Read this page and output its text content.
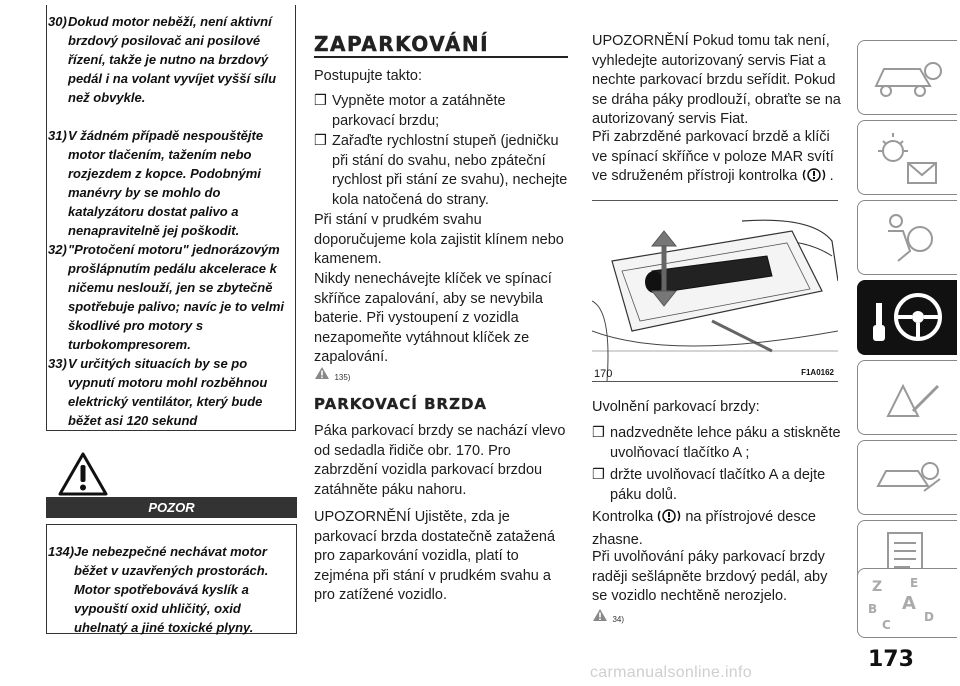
30) Dokud motor neběží, není aktivní brzdový posilovač ani posilové řízení, takže je nutno na brzdový pedál i na volant vyvíjet vyšší sílu než obvykle.
31) V žádném případě nespouštějte motor tlačením, tažením nebo rozjezdem z kopce. Podobnými manévry by se mohlo do katalyzátoru dostat palivo a nenapravitelně jej poškodit.
32) "Protočení motoru" jednorázovým prošlápnutím pedálu akcelerace k ničemu neslouží, jen se zbytečně spotřebuje palivo; navíc je to velmi škodlivé pro motory s turbokompresorem.
33) V určitých situacích by se po vypnutí motoru mohl rozběhnou elektrický ventilátor, který bude běžet asi 120 sekund
POZOR
134) Je nebezpečné nechávat motor běžet v uzavřených prostorách. Motor spotřebovává kyslík a vypouští oxid uhličitý, oxid uhelnatý a jiné toxické plyny.
ZAPARKOVÁNÍ
Postupujte takto:
❒ Vypněte motor a zatáhněte parkovací brzdu;
❒ Zařaďte rychlostní stupeň (jedničku při stání do svahu, nebo zpáteční rychlost při stání ze svahu), nechejte kola natočená do strany.
Při stání v prudkém svahu doporučujeme kola zajistit klínem nebo kamenem.
Nikdy nenechávejte klíček ve spínací skříňce zapalování, aby se nevybila baterie. Při vystoupení z vozidla nezapomeňte vytáhnout klíček ze zapalování.
135)
PARKOVACÍ BRZDA
Páka parkovací brzdy se nachází vlevo od sedadla řidiče obr. 170. Pro zabrzdění vozidla parkovací brzdou zatáhněte páku nahoru.
UPOZORNĚNÍ Ujistěte, zda je parkovací brzda dostatečně zatažená pro zaparkování vozidla, platí to zejména při stání v prudkém svahu a pro zatížené vozidlo.
UPOZORNĚNÍ Pokud tomu tak není, vyhledejte autorizovaný servis Fiat a nechte parkovací brzdu seřídit. Pokud se dráha páky prodlouží, obraťte se na autorizovaný servis Fiat.
Při zabrzděné parkovací brzdě a klíči ve spínací skříňce v poloze MAR svítí ve sdruženém přístroji kontrolka .
170	F1A0162
Uvolnění parkovací brzdy:
❒ nadzvedněte lehce páku a stiskněte uvolňovací tlačítko A ;
❒ držte uvolňovací tlačítko A a dejte páku dolů.
Kontrolka na přístrojové desce zhasne.
Při uvolňování páky parkovací brzdy raději sešlápněte brzdový pedál, aby se vozidlo nechtěně nerozjelo.
34)
Z E
B A
C
D
173
carmanualsonline.info
